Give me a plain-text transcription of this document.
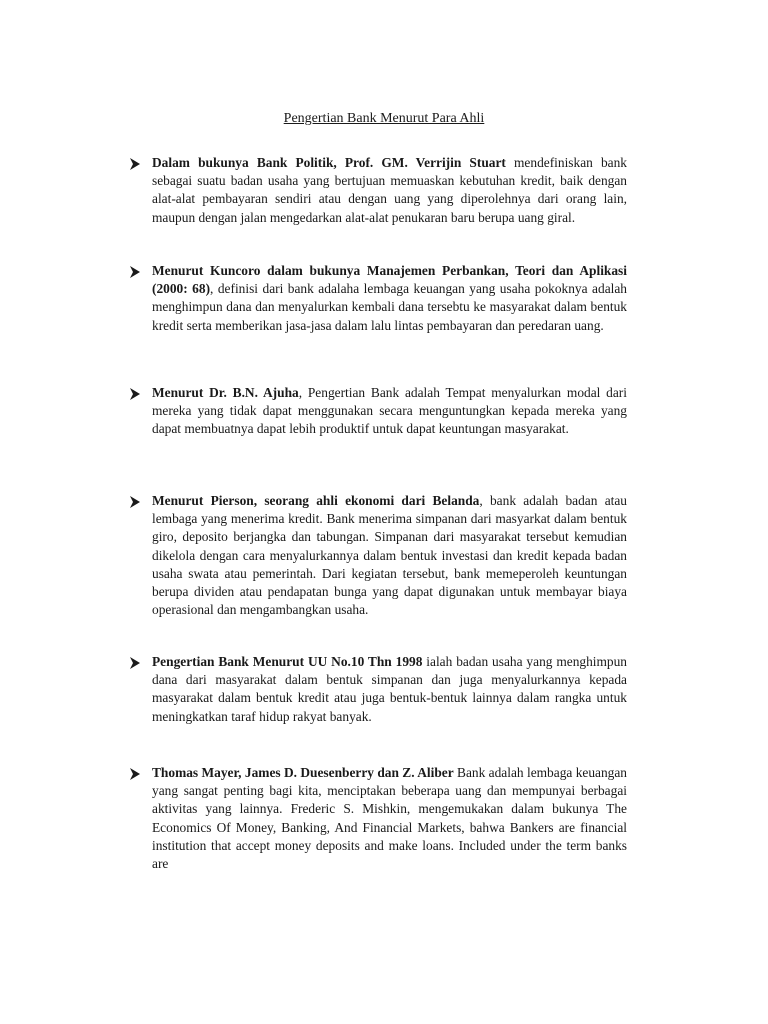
Pengertian Bank Menurut Para Ahli

Dalam bukunya Bank Politik, Prof. GM. Verrijin Stuart mendefiniskan bank sebagai suatu badan usaha yang bertujuan memuaskan kebutuhan kredit, baik dengan alat-alat pembayaran sendiri atau dengan uang yang diperolehnya dari orang lain, maupun dengan jalan mengedarkan alat-alat penukaran baru berupa uang giral.

Menurut Kuncoro dalam bukunya Manajemen Perbankan, Teori dan Aplikasi (2000: 68), definisi dari bank adalaha lembaga keuangan yang usaha pokoknya adalah menghimpun dana dan menyalurkan kembali dana tersebtu ke masyarakat dalam bentuk kredit serta memberikan jasa-jasa dalam lalu lintas pembayaran dan peredaran uang.

Menurut Dr. B.N. Ajuha, Pengertian Bank adalah Tempat menyalurkan modal dari mereka yang tidak dapat menggunakan secara menguntungkan kepada mereka yang dapat membuatnya dapat lebih produktif untuk dapat keuntungan masyarakat.

Menurut Pierson, seorang ahli ekonomi dari Belanda, bank adalah badan atau lembaga yang menerima kredit. Bank menerima simpanan dari masyarkat dalam bentuk giro, deposito berjangka dan tabungan. Simpanan dari masyarakat tersebut kemudian dikelola dengan cara menyalurkannya dalam bentuk investasi dan kredit kepada badan usaha swata atau pemerintah. Dari kegiatan tersebut, bank memeperoleh keuntungan berupa dividen atau pendapatan bunga yang dapat digunakan untuk membayar biaya operasional dan mengambangkan usaha.

Pengertian Bank Menurut UU No.10 Thn 1998 ialah badan usaha yang menghimpun dana dari masyarakat dalam bentuk simpanan dan juga menyalurkannya kepada masyarakat dalam bentuk kredit atau juga bentuk-bentuk lainnya dalam rangka untuk meningkatkan taraf hidup rakyat banyak.

Thomas Mayer, James D. Duesenberry dan Z. Aliber Bank adalah lembaga keuangan yang sangat penting bagi kita, menciptakan beberapa uang dan mempunyai berbagai aktivitas yang lainnya. Frederic S. Mishkin, mengemukakan dalam bukunya The Economics Of Money, Banking, And Financial Markets, bahwa Bankers are financial institution that accept money deposits and make loans. Included under the term banks are
